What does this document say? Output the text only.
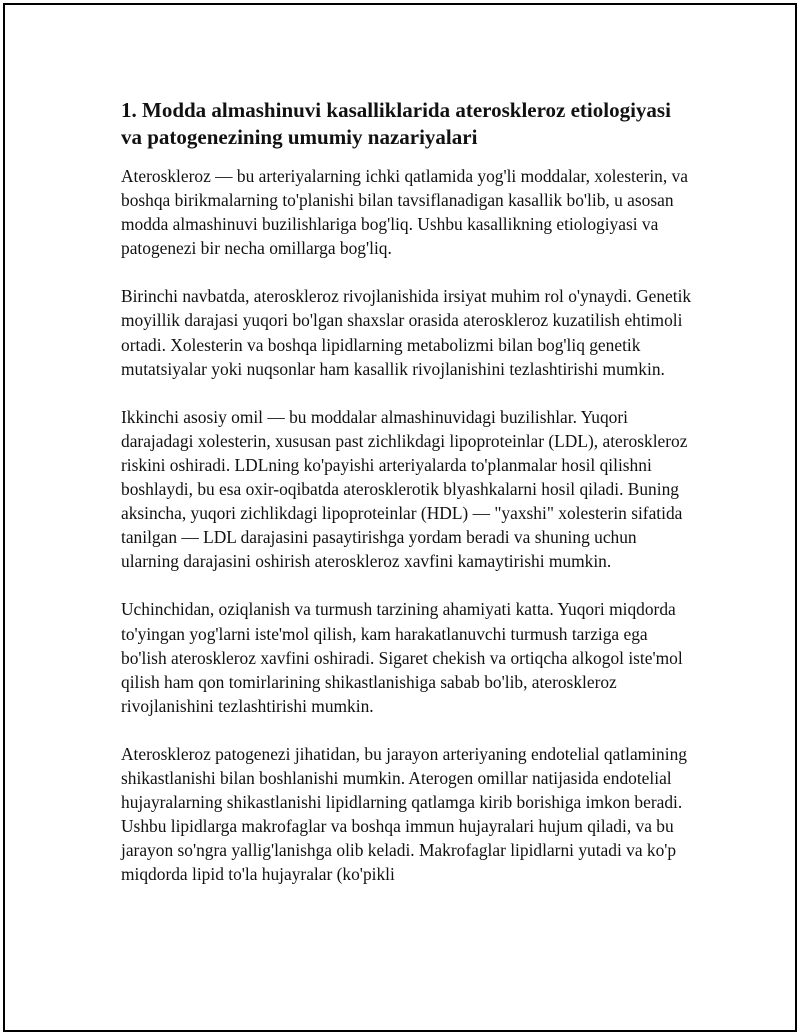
1. Modda almashinuvi kasalliklarida ateroskleroz etiologiyasi va patogenezining umumiy nazariyalari

Ateroskleroz — bu arteriyalarning ichki qatlamida yog'li moddalar, xolesterin, va boshqa birikmalarning to'planishi bilan tavsiflanadigan kasallik bo'lib, u asosan modda almashinuvi buzilishlariga bog'liq. Ushbu kasallikning etiologiyasi va patogenezi bir necha omillarga bog'liq.

Birinchi navbatda, ateroskleroz rivojlanishida irsiyat muhim rol o'ynaydi. Genetik moyillik darajasi yuqori bo'lgan shaxslar orasida ateroskleroz kuzatilish ehtimoli ortadi. Xolesterin va boshqa lipidlarning metabolizmi bilan bog'liq genetik mutatsiyalar yoki nuqsonlar ham kasallik rivojlanishini tezlashtirishi mumkin.

Ikkinchi asosiy omil — bu moddalar almashinuvidagi buzilishlar. Yuqori darajadagi xolesterin, xususan past zichlikdagi lipoproteinlar (LDL), ateroskleroz riskini oshiradi. LDLning ko'payishi arteriyalarda to'planmalar hosil qilishni boshlaydi, bu esa oxir-oqibatda aterosklerotik blyashkalarni hosil qiladi. Buning aksincha, yuqori zichlikdagi lipoproteinlar (HDL) — "yaxshi" xolesterin sifatida tanilgan — LDL darajasini pasaytirishga yordam beradi va shuning uchun ularning darajasini oshirish ateroskleroz xavfini kamaytirishi mumkin.

Uchinchidan, oziqlanish va turmush tarzining ahamiyati katta. Yuqori miqdorda to'yingan yog'larni iste'mol qilish, kam harakatlanuvchi turmush tarziga ega bo'lish ateroskleroz xavfini oshiradi. Sigaret chekish va ortiqcha alkogol iste'mol qilish ham qon tomirlarining shikastlanishiga sabab bo'lib, ateroskleroz rivojlanishini tezlashtirishi mumkin.

Ateroskleroz patogenezi jihatidan, bu jarayon arteriyaning endotelial qatlamining shikastlanishi bilan boshlanishi mumkin. Aterogen omillar natijasida endotelial hujayralarning shikastlanishi lipidlarning qatlamga kirib borishiga imkon beradi. Ushbu lipidlarga makrofaglar va boshqa immun hujayralari hujum qiladi, va bu jarayon so'ngra yallig'lanishga olib keladi. Makrofaglar lipidlarni yutadi va ko'p miqdorda lipid to'la hujayralar (ko'pikli
